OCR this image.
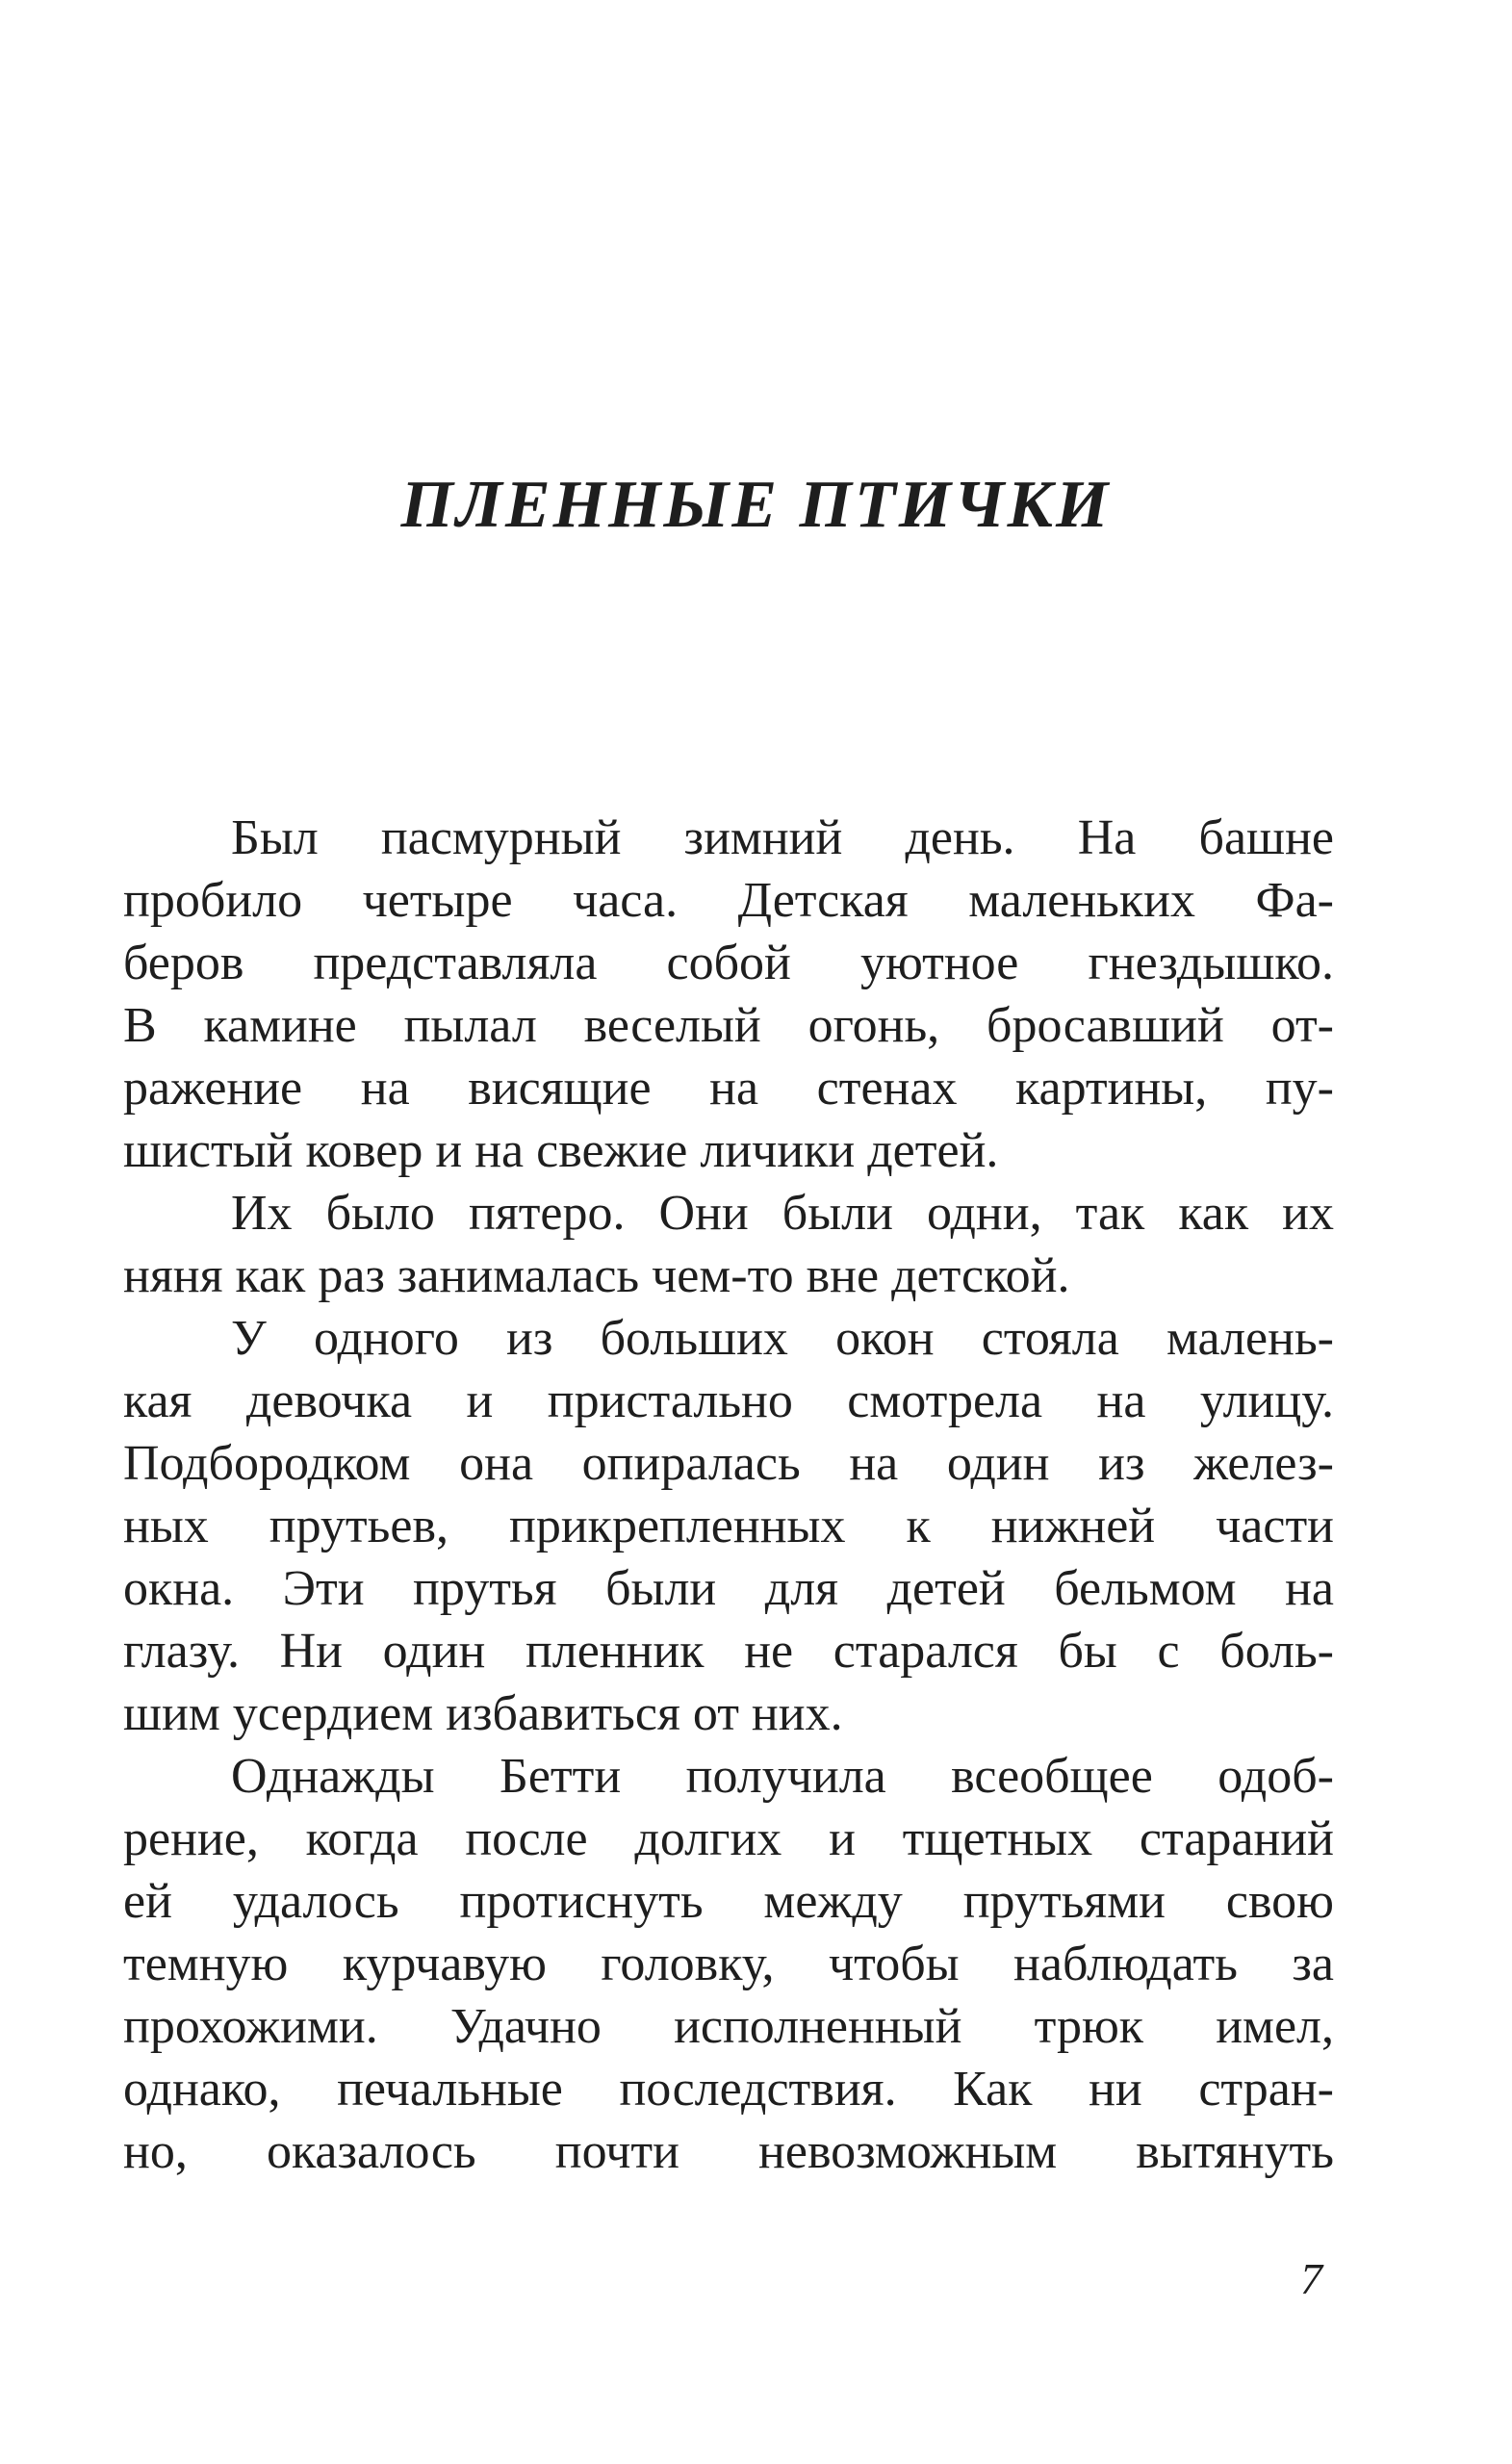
ПЛЕННЫЕ ПТИЧКИ
Был пасмурный зимний день. На башне
пробило четыре часа. Детская маленьких Фа-
беров представляла собой уютное гнездышко.
В камине пылал веселый огонь, бросавший от-
ражение на висящие на стенах картины, пу-
шистый ковер и на свежие личики детей.
Их было пятеро. Они были одни, так как их
няня как раз занималась чем-то вне детской.
У одного из больших окон стояла малень-
кая девочка и пристально смотрела на улицу.
Подбородком она опиралась на один из желез-
ных прутьев, прикрепленных к нижней части
окна. Эти прутья были для детей бельмом на
глазу. Ни один пленник не старался бы с боль-
шим усердием избавиться от них.
Однажды Бетти получила всеобщее одоб-
рение, когда после долгих и тщетных стараний
ей удалось протиснуть между прутьями свою
темную курчавую головку, чтобы наблюдать за
прохожими. Удачно исполненный трюк имел,
однако, печальные последствия. Как ни стран-
но, оказалось почти невозможным вытянуть
7
